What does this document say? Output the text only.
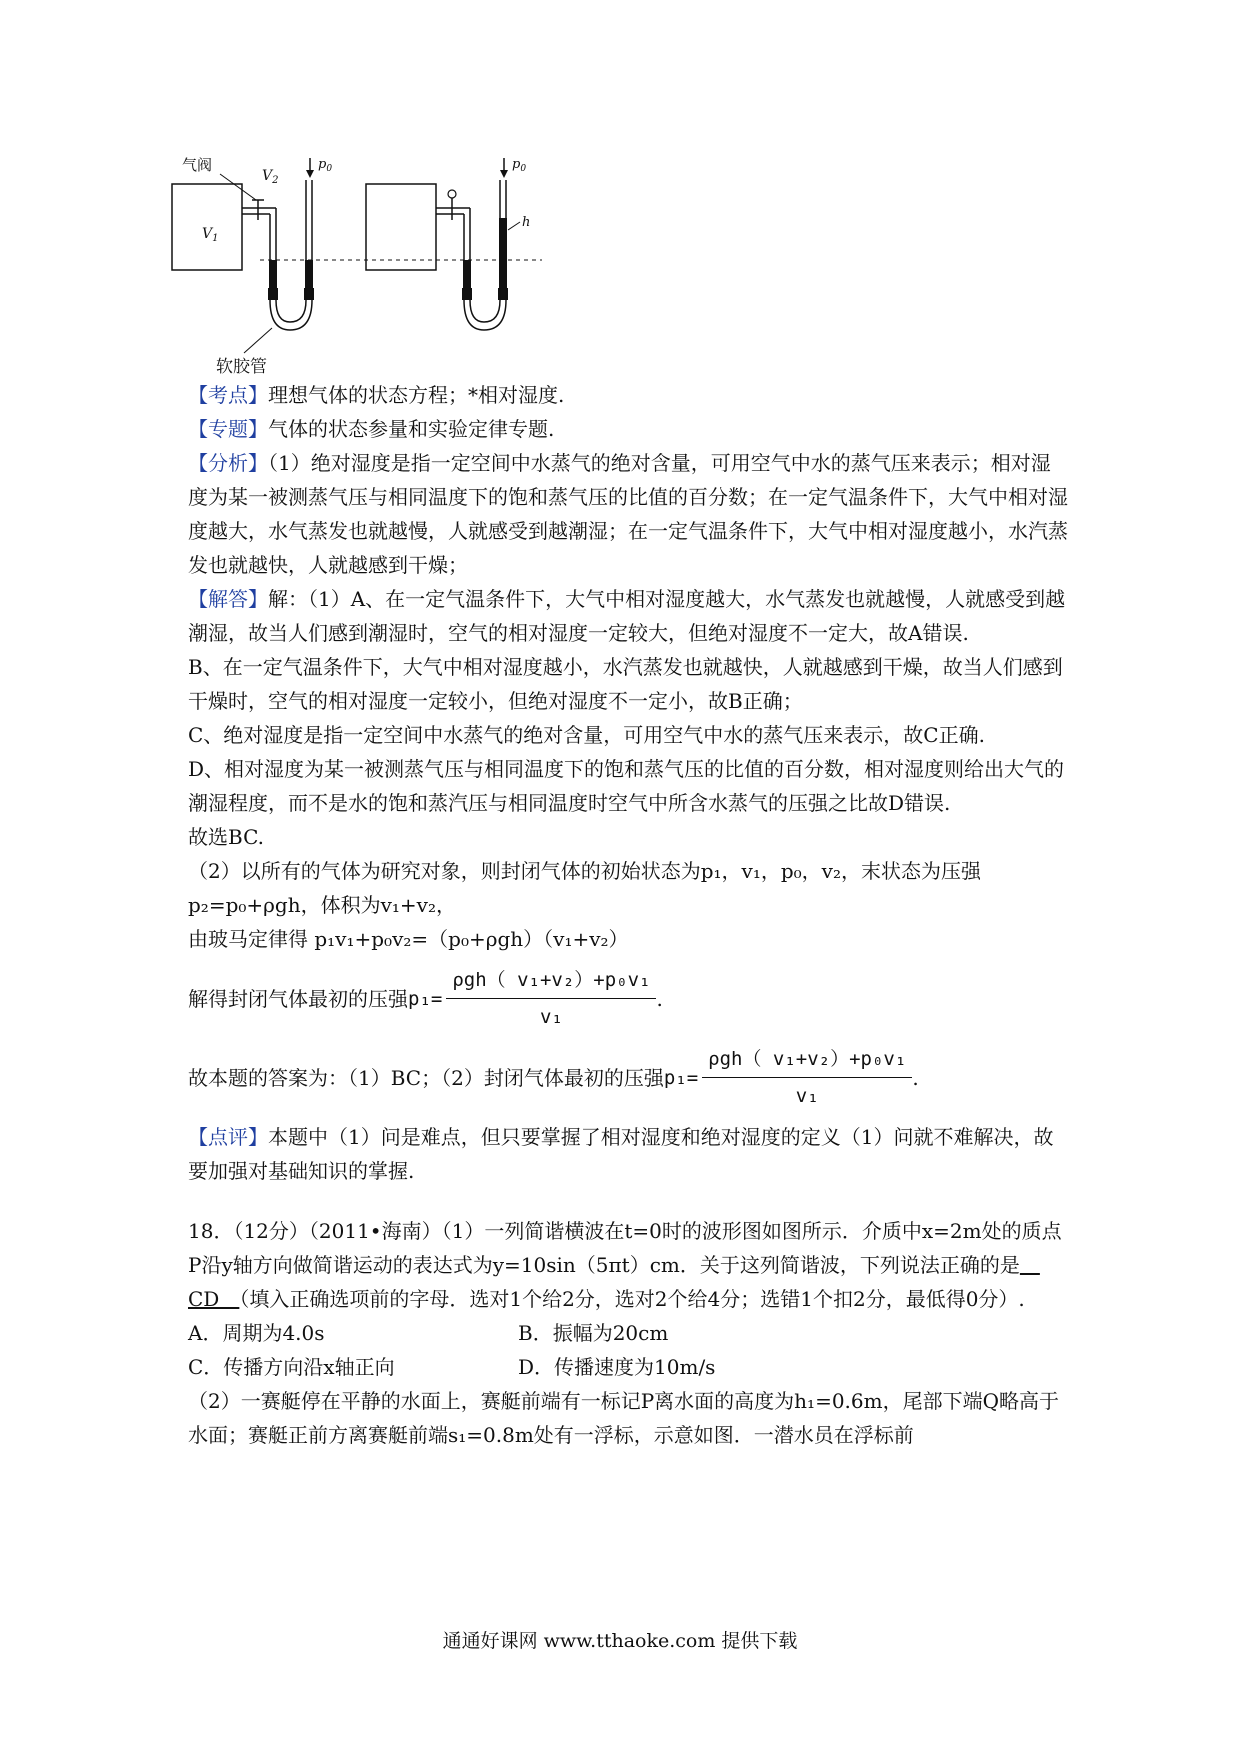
$V_1$
气阀
$V_2$
$p_0$
软胶管
$p_0$
h

【考点】理想气体的状态方程；*相对湿度.

【专题】气体的状态参量和实验定律专题.

【分析】（1）绝对湿度是指一定空间中水蒸气的绝对含量，可用空气中水的蒸气压来表示；相对湿度为某一被测蒸气压与相同温度下的饱和蒸气压的比值的百分数；在一定气温条件下，大气中相对湿度越大，水气蒸发也就越慢，人就感受到越潮湿；在一定气温条件下，大气中相对湿度越小，水汽蒸发也就越快，人就越感到干燥；

【解答】解：（1）A、在一定气温条件下，大气中相对湿度越大，水气蒸发也就越慢，人就感受到越潮湿，故当人们感到潮湿时，空气的相对湿度一定较大，但绝对湿度不一定大，故A错误.

B、在一定气温条件下，大气中相对湿度越小，水汽蒸发也就越快，人就越感到干燥，故当人们感到干燥时，空气的相对湿度一定较小，但绝对湿度不一定小，故B正确；

C、绝对湿度是指一定空间中水蒸气的绝对含量，可用空气中水的蒸气压来表示，故C正确.

D、相对湿度为某一被测蒸气压与相同温度下的饱和蒸气压的比值的百分数，相对湿度则给出大气的潮湿程度，而不是水的饱和蒸汽压与相同温度时空气中所含水蒸气的压强之比故D错误.

故选BC.

（2）以所有的气体为研究对象，则封闭气体的初始状态为p₁，v₁，p₀，v₂，末状态为压强p₂=p₀+ρgh，体积为v₁+v₂，

由玻马定律得 p₁v₁+p₀v₂=（p₀+ρgh）（v₁+v₂）

解得封闭气体最初的压强 $p_1= \frac{\text{ρgh（ v₁+v₂）+p₀v₁}}{\text{v₁}}$ .
故本题的答案为：（1）BC；（2）封闭气体最初的压强 $p_1= \frac{\text{ρgh（ v₁+v₂）+p₀v₁}}{\text{v₁}}$ .

【点评】本题中（1）问是难点，但只要掌握了相对湿度和绝对湿度的定义（1）问就不难解决，故要加强对基础知识的掌握.

18．（12分）（2011•海南）（1）一列简谐横波在t=0时的波形图如图所示．介质中x=2m处的质点P沿y轴方向做简谐运动的表达式为y=10sin（5πt）cm．关于这列简谐波，下列说法正确的是　CD　（填入正确选项前的字母．选对1个给2分，选对2个给4分；选错1个扣2分，最低得0分）.

A．周期为4.0s	B．振幅为20cm
C．传播方向沿x轴正向	D．传播速度为10m/s

（2）一赛艇停在平静的水面上，赛艇前端有一标记P离水面的高度为h₁=0.6m，尾部下端Q略高于水面；赛艇正前方离赛艇前端s₁=0.8m处有一浮标，示意如图．一潜水员在浮标前

通通好课网 www.tthaoke.com 提供下载
